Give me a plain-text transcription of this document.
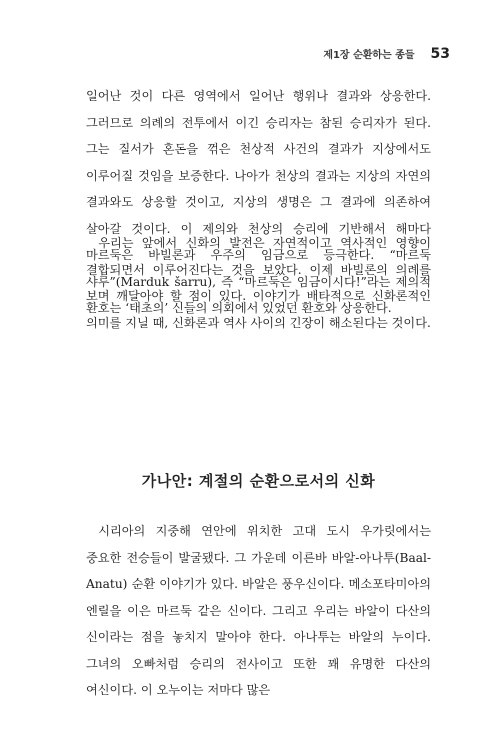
제1장 순환하는 종들 53

일어난 것이 다른 영역에서 일어난 행위나 결과와 상응한다. 그러므로 의례의 전투에서 이긴 승리자는 참된 승리자가 된다. 그는 질서가 혼돈을 꺾은 천상적 사건의 결과가 지상에서도 이루어질 것임을 보증한다. 나아가 천상의 결과는 지상의 자연의 결과와도 상응할 것이고, 지상의 생명은 그 결과에 의존하여 살아갈 것이다. 이 제의와 천상의 승리에 기반해서 해마다 마르둑은 바빌론과 우주의 임금으로 등극한다. “마르둑 샤루”(Marduk šarru), 즉 “마르둑은 임금이시다!”라는 제의적 환호는 ‘태초의’ 신들의 의회에서 있었던 환호와 상응한다.

우리는 앞에서 신화의 발전은 자연적이고 역사적인 영향이 결합되면서 이루어진다는 것을 보았다. 이제 바빌론의 의례를 보며 깨달아야 할 점이 있다. 이야기가 배타적으로 신화론적인 의미를 지닐 때, 신화론과 역사 사이의 긴장이 해소된다는 것이다.

가나안: 계절의 순환으로서의 신화

시리아의 지중해 연안에 위치한 고대 도시 우가릿에서는 중요한 전승들이 발굴됐다. 그 가운데 이른바 바알-아나투(Baal-Anatu) 순환 이야기가 있다. 바알은 풍우신이다. 메소포타미아의 엔릴을 이은 마르둑 같은 신이다. 그리고 우리는 바알이 다산의 신이라는 점을 놓치지 말아야 한다. 아나투는 바알의 누이다. 그녀의 오빠처럼 승리의 전사이고 또한 꽤 유명한 다산의 여신이다. 이 오누이는 저마다 많은
